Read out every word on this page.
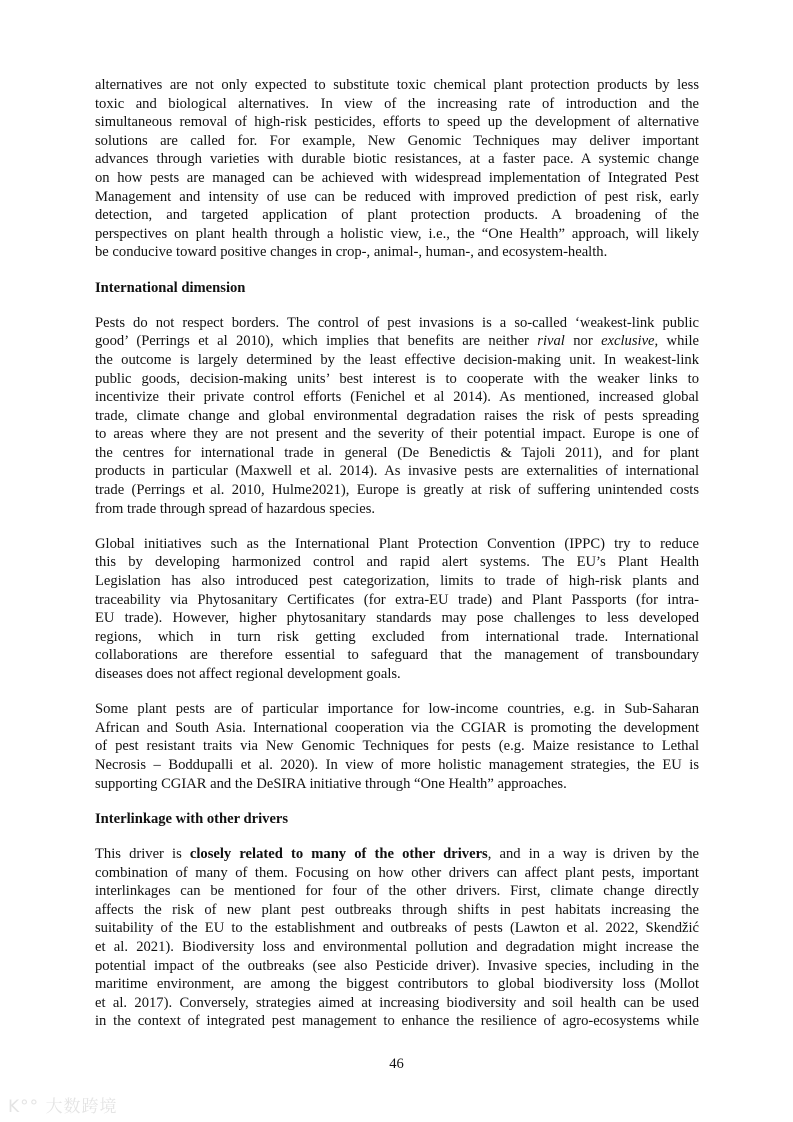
alternatives are not only expected to substitute toxic chemical plant protection products by less
toxic and biological alternatives. In view of the increasing rate of introduction and the
simultaneous removal of high-risk pesticides, efforts to speed up the development of alternative
solutions are called for. For example, New Genomic Techniques may deliver important
advances through varieties with durable biotic resistances, at a faster pace. A systemic change
on how pests are managed can be achieved with widespread implementation of Integrated Pest
Management and intensity of use can be reduced with improved prediction of pest risk, early
detection, and targeted application of plant protection products. A broadening of the
perspectives on plant health through a holistic view, i.e., the “One Health” approach, will likely
be conducive toward positive changes in crop-, animal-, human-, and ecosystem-health.
International dimension
Pests do not respect borders. The control of pest invasions is a so-called ‘weakest-link public
good’ (Perrings et al 2010), which implies that benefits are neither rival nor exclusive, while
the outcome is largely determined by the least effective decision-making unit. In weakest-link
public goods, decision-making units’ best interest is to cooperate with the weaker links to
incentivize their private control efforts (Fenichel et al 2014). As mentioned, increased global
trade, climate change and global environmental degradation raises the risk of pests spreading
to areas where they are not present and the severity of their potential impact. Europe is one of
the centres for international trade in general (De Benedictis & Tajoli 2011), and for plant
products in particular (Maxwell et al. 2014). As invasive pests are externalities of international
trade (Perrings et al. 2010, Hulme2021), Europe is greatly at risk of suffering unintended costs
from trade through spread of hazardous species.
Global initiatives such as the International Plant Protection Convention (IPPC) try to reduce
this by developing harmonized control and rapid alert systems. The EU’s Plant Health
Legislation has also introduced pest categorization, limits to trade of high-risk plants and
traceability via Phytosanitary Certificates (for extra-EU trade) and Plant Passports (for intra-
EU trade). However, higher phytosanitary standards may pose challenges to less developed
regions, which in turn risk getting excluded from international trade. International
collaborations are therefore essential to safeguard that the management of transboundary
diseases does not affect regional development goals.
Some plant pests are of particular importance for low-income countries, e.g. in Sub-Saharan
African and South Asia. International cooperation via the CGIAR is promoting the development
of pest resistant traits via New Genomic Techniques for pests (e.g. Maize resistance to Lethal
Necrosis – Boddupalli et al. 2020). In view of more holistic management strategies, the EU is
supporting CGIAR and the DeSIRA initiative through “One Health” approaches.
Interlinkage with other drivers
This driver is closely related to many of the other drivers, and in a way is driven by the
combination of many of them. Focusing on how other drivers can affect plant pests, important
interlinkages can be mentioned for four of the other drivers. First, climate change directly
affects the risk of new plant pest outbreaks through shifts in pest habitats increasing the
suitability of the EU to the establishment and outbreaks of pests (Lawton et al. 2022, Skendžić
et al. 2021). Biodiversity loss and environmental pollution and degradation might increase the
potential impact of the outbreaks (see also Pesticide driver). Invasive species, including in the
maritime environment, are among the biggest contributors to global biodiversity loss (Mollot
et al. 2017). Conversely, strategies aimed at increasing biodiversity and soil health can be used
in the context of integrated pest management to enhance the resilience of agro-ecosystems while
46
K°° 大数跨境
